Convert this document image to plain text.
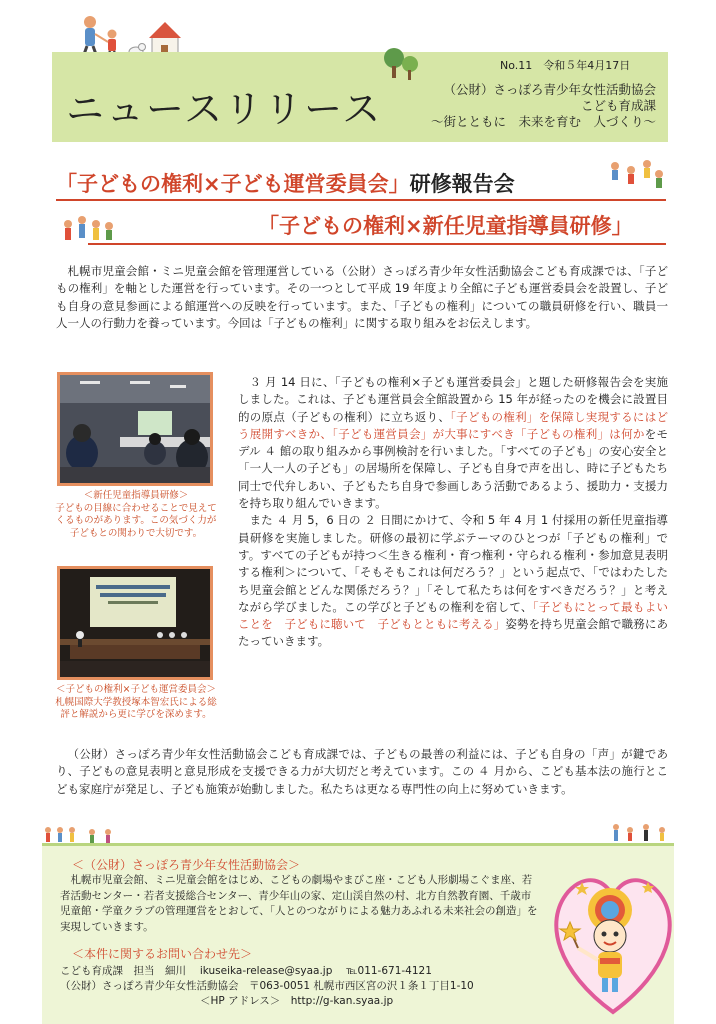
No.11　令和５年4月17日
ニュースリリース	（公財）さっぽろ青少年女性活動協会
こども育成課
～街とともに　未来を育む　人づくり～
「子どもの権利×子ども運営委員会」研修報告会
「子どもの権利×新任児童指導員研修」
札幌市児童会館・ミニ児童会館を管理運営している（公財）さっぽろ青少年女性活動協会こども育成課では、「子どもの権利」を軸とした運営を行っています。その一つとして平成 19 年度より全館に子ども運営委員会を設置し、子ども自身の意見参画による館運営への反映を行っています。また、「子どもの権利」についての職員研修を行い、職員一人一人の行動力を養っています。今回は「子どもの権利」に関する取り組みをお伝えします。
＜新任児童指導員研修＞
子どもの目線に合わせることで見えてくるものがあります。この気づく力が子どもとの関わりで大切です。
＜子どもの権利×子ども運営委員会＞
札幌国際大学教授塚本智宏氏による総評と解説から更に学びを深めます。
３ 月 14 日に、「子どもの権利×子ども運営委員会」と題した研修報告会を実施しました。これは、子ども運営員会全館設置から 15 年が経ったのを機会に設置目的の原点（子どもの権利）に立ち返り、「子どもの権利」を保障し実現するにはどう展開すべきか、「子ども運営員会」が大事にすべき「子どもの権利」は何かをモデル ４ 館の取り組みから事例検討を行いました。「すべての子ども」の安心安全と「一人一人の子ども」の居場所を保障し、子ども自身で声を出し、時に子どもたち同士で代弁しあい、子どもたち自身で参画しあう活動であるよう、援助力・支援力を持ち取り組んでいきます。
また ４ 月 5，6 日の ２ 日間にかけて、令和 5 年 4 月 1 付採用の新任児童指導員研修を実施しました。研修の最初に学ぶテーマのひとつが「子どもの権利」です。すべての子どもが持つ＜生きる権利・育つ権利・守られる権利・参加意見表明する権利＞について、「そもそもこれは何だろう？」という起点で、「ではわたしたち児童会館とどんな関係だろう？」「そして私たちは何をすべきだろう？」と考えながら学びました。この学びと子どもの権利を宿して、「子どもにとって最もよいことを　子どもに聴いて　子どもとともに考える」姿勢を持ち児童会館で職務にあたっていきます。
（公財）さっぽろ青少年女性活動協会こども育成課では、子どもの最善の利益には、子ども自身の「声」が鍵であり、子どもの意見表明と意見形成を支援できる力が大切だと考えています。この ４ 月から、こども基本法の施行とこども家庭庁が発足し、子ども施策が始動しました。私たちは更なる専門性の向上に努めていきます。
＜（公財）さっぽろ青少年女性活動協会＞
札幌市児童会館、ミニ児童会館をはじめ、こどもの劇場やまびこ座・こども人形劇場こぐま座、若者活動センター・若者支援総合センター、青少年山の家、定山渓自然の村、北方自然教育園、千歳市児童館・学童クラブの管理運営をとおして、「人とのつながりによる魅力あふれる未来社会の創造」を実現していきます。
＜本件に関するお問い合わせ先＞
こども育成課　担当　細川　 ikuseika-release@syaa.jp　 ℡011-671-4121
（公財）さっぽろ青少年女性活動協会　〒063-0051 札幌市西区宮の沢１条１丁目1-10
＜HP アドレス＞　http://g-kan.syaa.jp
